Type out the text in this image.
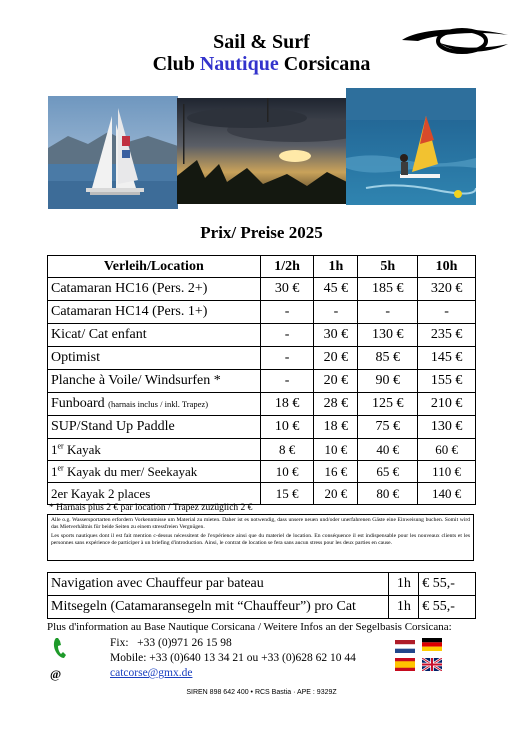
Sail & Surf
Club Nautique Corsicana
Prix/ Preise 2025
Verleih/Location	1/2h	1h	5h	10h
Catamaran HC16 (Pers. 2+)	30 €	45 €	185 €	320 €
Catamaran HC14 (Pers. 1+)	-	-	-	-
Kicat/ Cat enfant	-	30 €	130 €	235 €
Optimist	-	20 €	85 €	145 €
Planche à Voile/ Windsurfen *	-	20 €	90 €	155 €
Funboard (harnais inclus / inkl. Trapez)	18 €	28 €	125 €	210 €
SUP/Stand Up Paddle	10 €	18 €	75 €	130 €
1er Kayak	8 €	10 €	40 €	60 €
1er Kayak du mer/ Seekayak	10 €	16 €	65 €	110 €
2er Kayak 2 places	15 €	20 €	80 €	140 €
* Harnais plus 2 € par location / Trapez zuzüglich 2 €

Alle o.g. Wassersportarten erfordern Vorkenntnisse um Material zu mieten. Daher ist es notwendig, dass unsere neuen und/oder unerfahrenen Gäste eine Einweisung buchen. Somit wird das Mietverhältnis für beide Seiten zu einem stressfreien Vergnügen.

Les sports nautiques dont il est fait mention c-dessus nécessitent de l'expérience ainsi que du materiel de location. En conséquence il est indispensable pour les nouveaux clients et les personnes sans expérience de participer à un briefing d'introduction. Ainsi, le contrat de location se fera sans aucun stress pour les deux parties en cause.

Navigation avec Chauffeur par bateau	1h	€ 55,-
Mitsegeln (Catamaransegeln mit “Chauffeur”) pro Cat	1h	€ 55,-
Plus d'information au Base Nautique Corsicana / Weitere Infos an der Segelbasis Corsicana:
Fix:   +33 (0)971 26 15 98
Mobile: +33 (0)640 13 34 21 ou +33 (0)628 62 10 44
@	catcorse@gmx.de
SIREN 898 642 400 • RCS Bastia · APE : 9329Z
